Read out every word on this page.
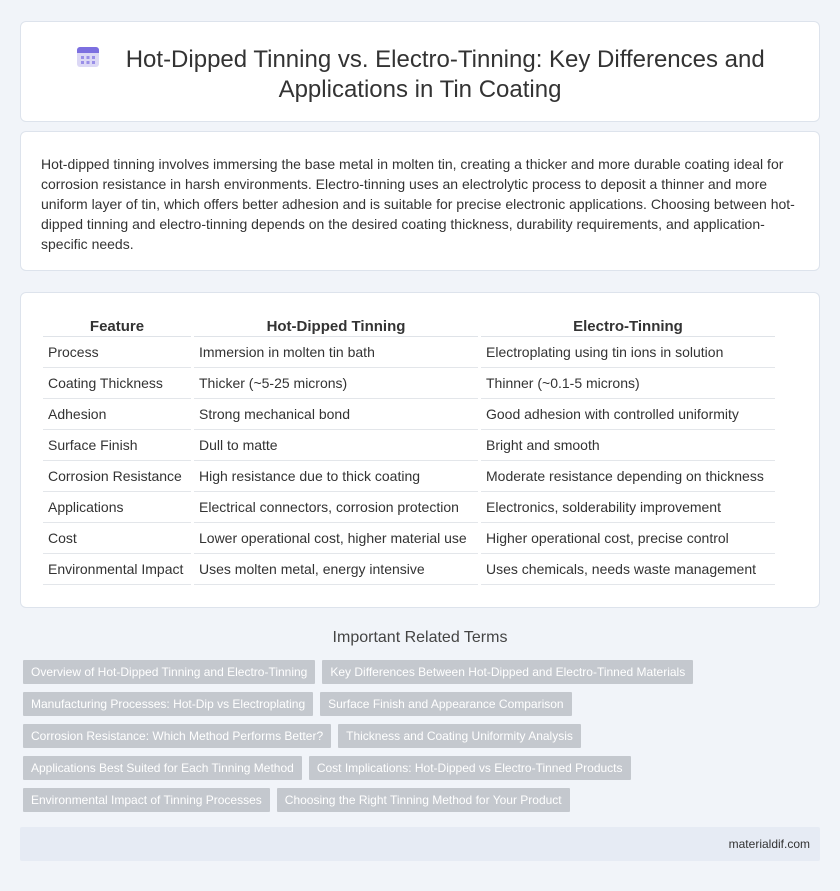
Hot-Dipped Tinning vs. Electro-Tinning: Key Differences and Applications in Tin Coating

Hot-dipped tinning involves immersing the base metal in molten tin, creating a thicker and more durable coating ideal for corrosion resistance in harsh environments. Electro-tinning uses an electrolytic process to deposit a thinner and more uniform layer of tin, which offers better adhesion and is suitable for precise electronic applications. Choosing between hot-dipped tinning and electro-tinning depends on the desired coating thickness, durability requirements, and application-specific needs.

Feature	Hot-Dipped Tinning	Electro-Tinning
Process	Immersion in molten tin bath	Electroplating using tin ions in solution
Coating Thickness	Thicker (~5-25 microns)	Thinner (~0.1-5 microns)
Adhesion	Strong mechanical bond	Good adhesion with controlled uniformity
Surface Finish	Dull to matte	Bright and smooth
Corrosion Resistance	High resistance due to thick coating	Moderate resistance depending on thickness
Applications	Electrical connectors, corrosion protection	Electronics, solderability improvement
Cost	Lower operational cost, higher material use	Higher operational cost, precise control
Environmental Impact	Uses molten metal, energy intensive	Uses chemicals, needs waste management
Important Related Terms
Overview of Hot-Dipped Tinning and Electro-Tinning	Key Differences Between Hot-Dipped and Electro-Tinned Materials
Manufacturing Processes: Hot-Dip vs Electroplating	Surface Finish and Appearance Comparison
Corrosion Resistance: Which Method Performs Better?	Thickness and Coating Uniformity Analysis
Applications Best Suited for Each Tinning Method	Cost Implications: Hot-Dipped vs Electro-Tinned Products
Environmental Impact of Tinning Processes	Choosing the Right Tinning Method for Your Product
materialdif.com
